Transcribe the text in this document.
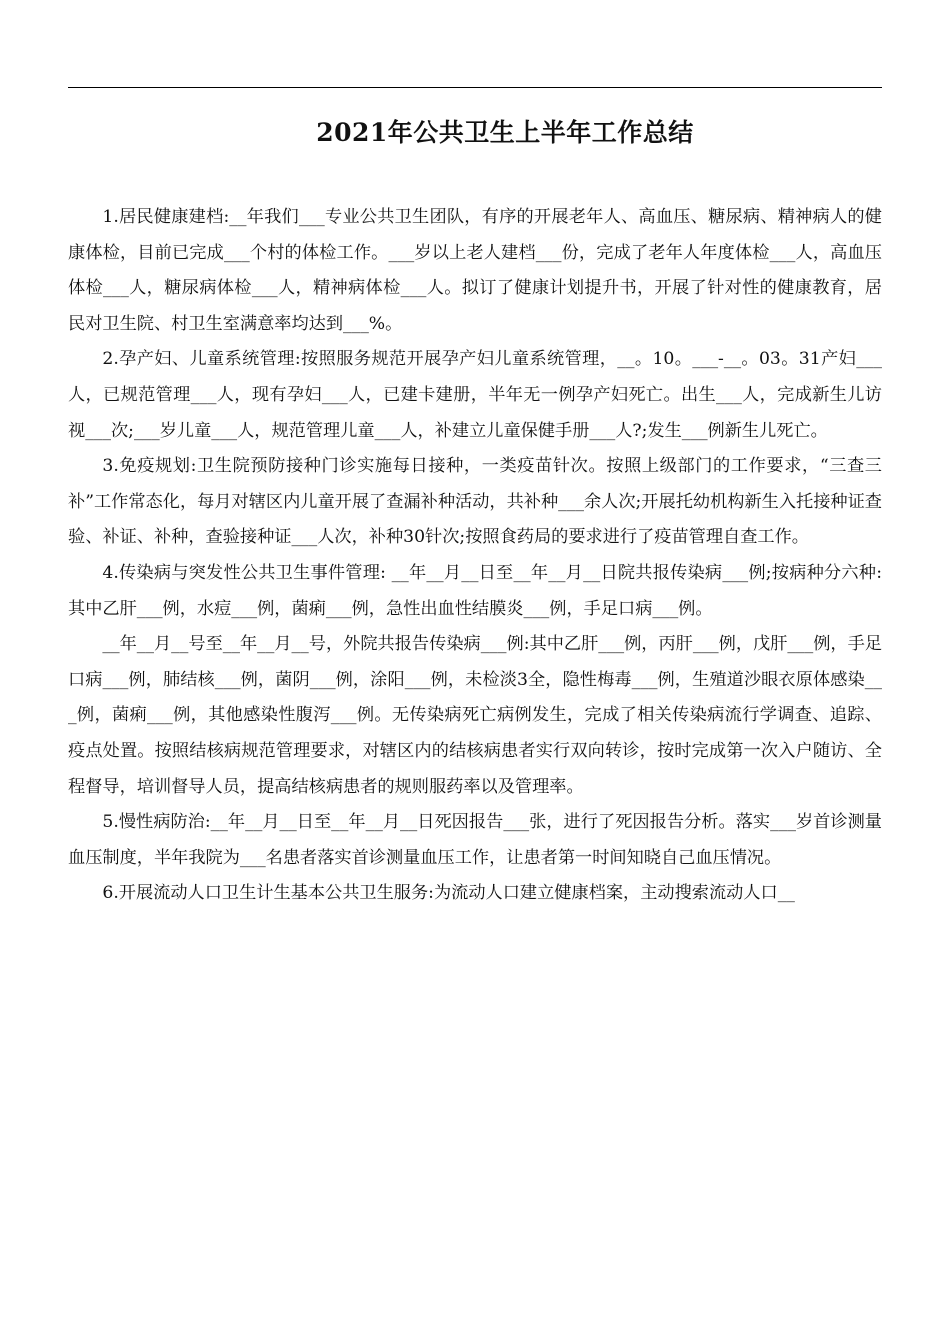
2021年公共卫生上半年工作总结

1.居民健康建档:__年我们___专业公共卫生团队，有序的开展老年人、高血压、糖尿病、精神病人的健康体检，目前已完成___个村的体检工作。___岁以上老人建档___份，完成了老年人年度体检___人，高血压体检___人，糖尿病体检___人，精神病体检___人。拟订了健康计划提升书，开展了针对性的健康教育，居民对卫生院、村卫生室满意率均达到___%。

2.孕产妇、儿童系统管理:按照服务规范开展孕产妇儿童系统管理，__。10。___-__。03。31产妇___人，已规范管理___人，现有孕妇___人，已建卡建册，半年无一例孕产妇死亡。出生___人，完成新生儿访视___次;___岁儿童___人，规范管理儿童___人，补建立儿童保健手册___人?;发生___例新生儿死亡。

3.免疫规划:卫生院预防接种门诊实施每日接种，一类疫苗针次。按照上级部门的工作要求，“三查三补”工作常态化，每月对辖区内儿童开展了查漏补种活动，共补种___余人次;开展托幼机构新生入托接种证查验、补证、补种，查验接种证___人次，补种30针次;按照食药局的要求进行了疫苗管理自查工作。

4.传染病与突发性公共卫生事件管理: __年__月__日至__年__月__日院共报传染病___例;按病种分六种:其中乙肝___例，水痘___例，菌痢___例，急性出血性结膜炎___例，手足口病___例。

__年__月__号至__年__月__号，外院共报告传染病___例:其中乙肝___例，丙肝___例，戊肝___例，手足口病___例，肺结核___例，菌阴___例，涂阳___例，未检淡3全，隐性梅毒___例，生殖道沙眼衣原体感染___例，菌痢___例，其他感染性腹泻___例。无传染病死亡病例发生，完成了相关传染病流行学调查、追踪、疫点处置。按照结核病规范管理要求，对辖区内的结核病患者实行双向转诊，按时完成第一次入户随访、全程督导，培训督导人员，提高结核病患者的规则服药率以及管理率。

5.慢性病防治:__年__月__日至__年__月__日死因报告___张，进行了死因报告分析。落实___岁首诊测量血压制度，半年我院为___名患者落实首诊测量血压工作，让患者第一时间知晓自己血压情况。

6.开展流动人口卫生计生基本公共卫生服务:为流动人口建立健康档案，主动搜索流动人口__
